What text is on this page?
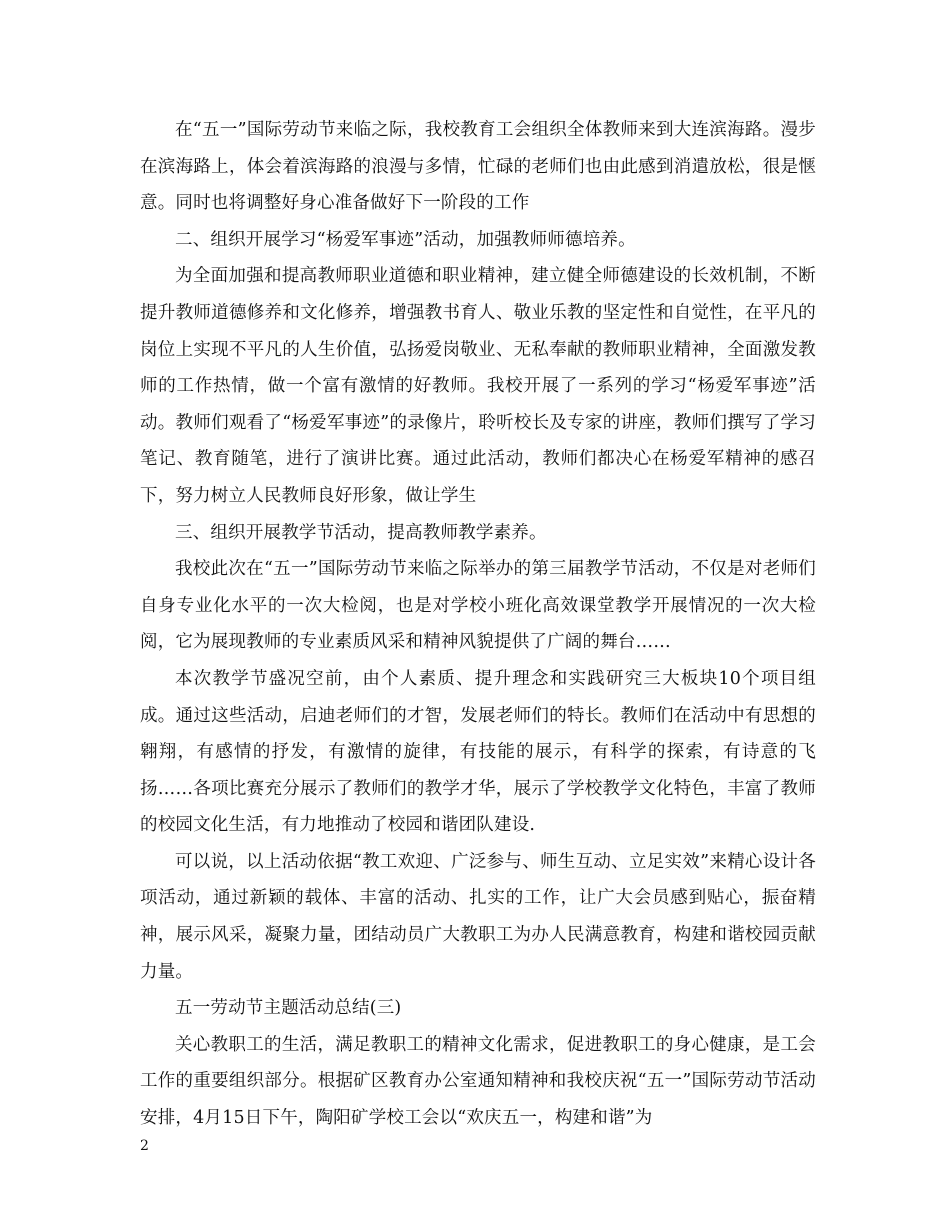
在“五一”国际劳动节来临之际，我校教育工会组织全体教师来到大连滨海路。漫步在滨海路上，体会着滨海路的浪漫与多情，忙碌的老师们也由此感到消遣放松，很是惬意。同时也将调整好身心准备做好下一阶段的工作

二、组织开展学习“杨爱军事迹”活动，加强教师师德培养。

为全面加强和提高教师职业道德和职业精神，建立健全师德建设的长效机制，不断提升教师道德修养和文化修养，增强教书育人、敬业乐教的坚定性和自觉性，在平凡的岗位上实现不平凡的人生价值，弘扬爱岗敬业、无私奉献的教师职业精神，全面激发教师的工作热情，做一个富有激情的好教师。我校开展了一系列的学习“杨爱军事迹”活动。教师们观看了“杨爱军事迹”的录像片，聆听校长及专家的讲座，教师们撰写了学习笔记、教育随笔，进行了演讲比赛。通过此活动，教师们都决心在杨爱军精神的感召下，努力树立人民教师良好形象，做让学生

三、组织开展教学节活动，提高教师教学素养。

我校此次在“五一”国际劳动节来临之际举办的第三届教学节活动，不仅是对老师们自身专业化水平的一次大检阅，也是对学校小班化高效课堂教学开展情况的一次大检阅，它为展现教师的专业素质风采和精神风貌提供了广阔的舞台……

本次教学节盛况空前，由个人素质、提升理念和实践研究三大板块10个项目组成。通过这些活动，启迪老师们的才智，发展老师们的特长。教师们在活动中有思想的翱翔，有感情的抒发，有激情的旋律，有技能的展示，有科学的探索，有诗意的飞扬……各项比赛充分展示了教师们的教学才华，展示了学校教学文化特色，丰富了教师的校园文化生活，有力地推动了校园和谐团队建设.

可以说，以上活动依据“教工欢迎、广泛参与、师生互动、立足实效”来精心设计各项活动，通过新颖的载体、丰富的活动、扎实的工作，让广大会员感到贴心，振奋精神，展示风采，凝聚力量，团结动员广大教职工为办人民满意教育，构建和谐校园贡献力量。

五一劳动节主题活动总结(三)

关心教职工的生活，满足教职工的精神文化需求，促进教职工的身心健康，是工会工作的重要组织部分。根据矿区教育办公室通知精神和我校庆祝“五一”国际劳动节活动安排，4月15日下午，陶阳矿学校工会以“欢庆五一，构建和谐”为

2
